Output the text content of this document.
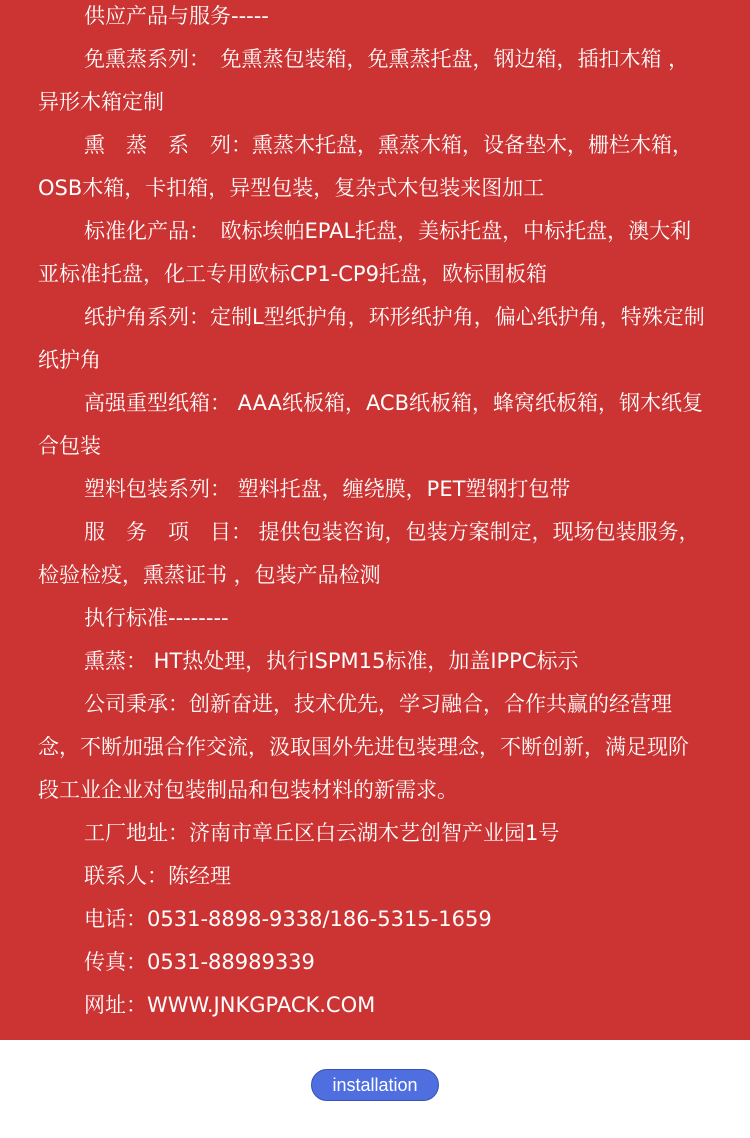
供应产品与服务-----

免熏蒸系列：　免熏蒸包装箱，免熏蒸托盘，钢边箱，插扣木箱 ，异形木箱定制

熏　蒸　系　列：熏蒸木托盘，熏蒸木箱，设备垫木，栅栏木箱，OSB木箱，卡扣箱，异型包装，复杂式木包装来图加工

标准化产品：　欧标埃帕EPAL托盘，美标托盘，中标托盘，澳大利亚标准托盘，化工专用欧标CP1-CP9托盘，欧标围板箱

纸护角系列：定制L型纸护角，环形纸护角，偏心纸护角，特殊定制纸护角

高强重型纸箱： AAA纸板箱，ACB纸板箱，蜂窝纸板箱，钢木纸复合包装

塑料包装系列： 塑料托盘，缠绕膜，PET塑钢打包带

服　务　项　目： 提供包装咨询，包装方案制定，现场包装服务，检验检疫，熏蒸证书 ，包装产品检测

执行标准--------

熏蒸： HT热处理，执行ISPM15标准，加盖IPPC标示

公司秉承：创新奋进，技术优先，学习融合，合作共赢的经营理念，不断加强合作交流，汲取国外先进包装理念，不断创新，满足现阶段工业企业对包装制品和包装材料的新需求。

工厂地址：济南市章丘区白云湖木艺创智产业园1号

联系人：陈经理

电话：0531-8898-9338/186-5315-1659

传真：0531-88989339

网址：WWW.JNKGPACK.COM

installation
